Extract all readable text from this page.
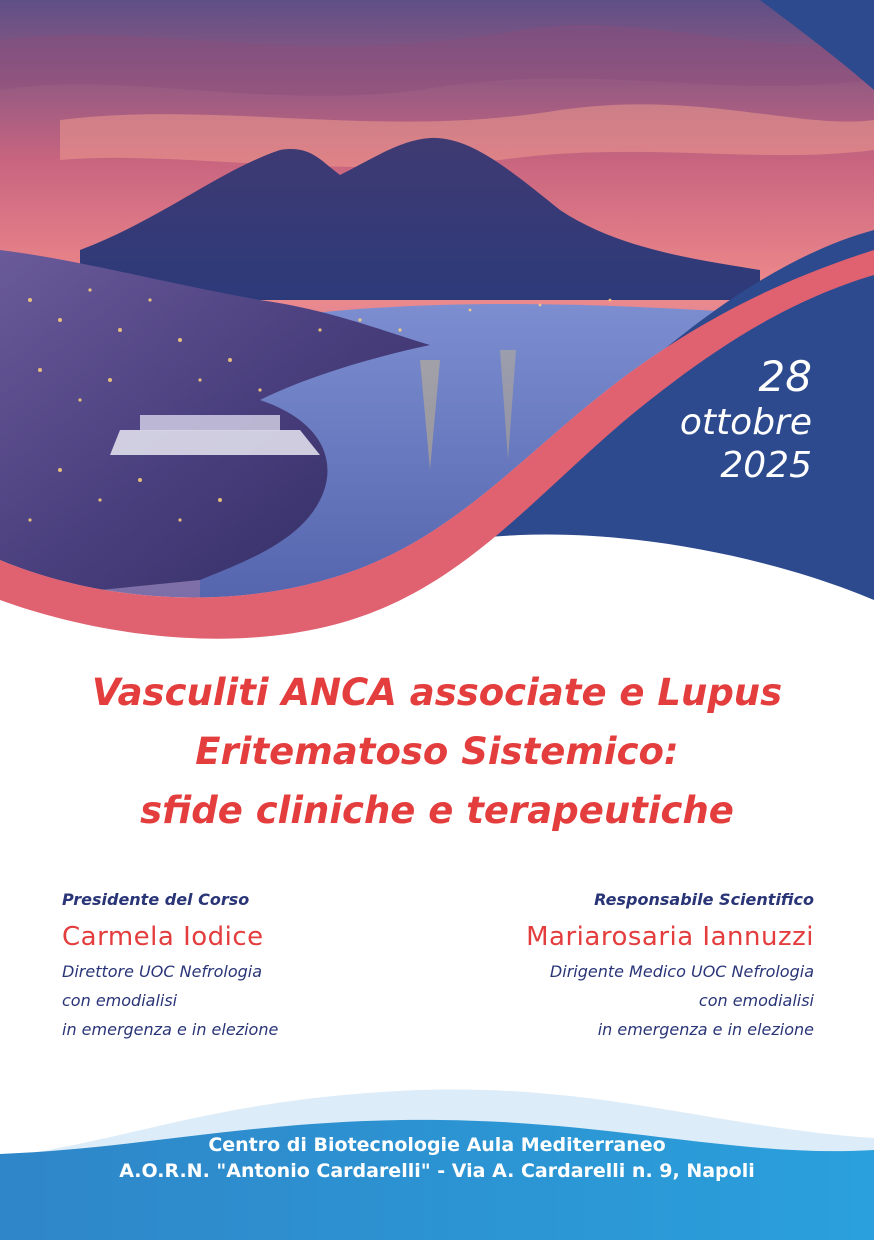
28
ottobre
2025
Vasculiti ANCA associate e Lupus
Eritematoso Sistemico:
sfide cliniche e terapeutiche
Presidente del Corso
Carmela Iodice
Direttore UOC Nefrologia
con emodialisi
in emergenza e in elezione
Responsabile Scientifico
Mariarosaria Iannuzzi
Dirigente Medico UOC Nefrologia
con emodialisi
in emergenza e in elezione
Centro di Biotecnologie Aula Mediterraneo
A.O.R.N. "Antonio Cardarelli" - Via A. Cardarelli n. 9, Napoli
